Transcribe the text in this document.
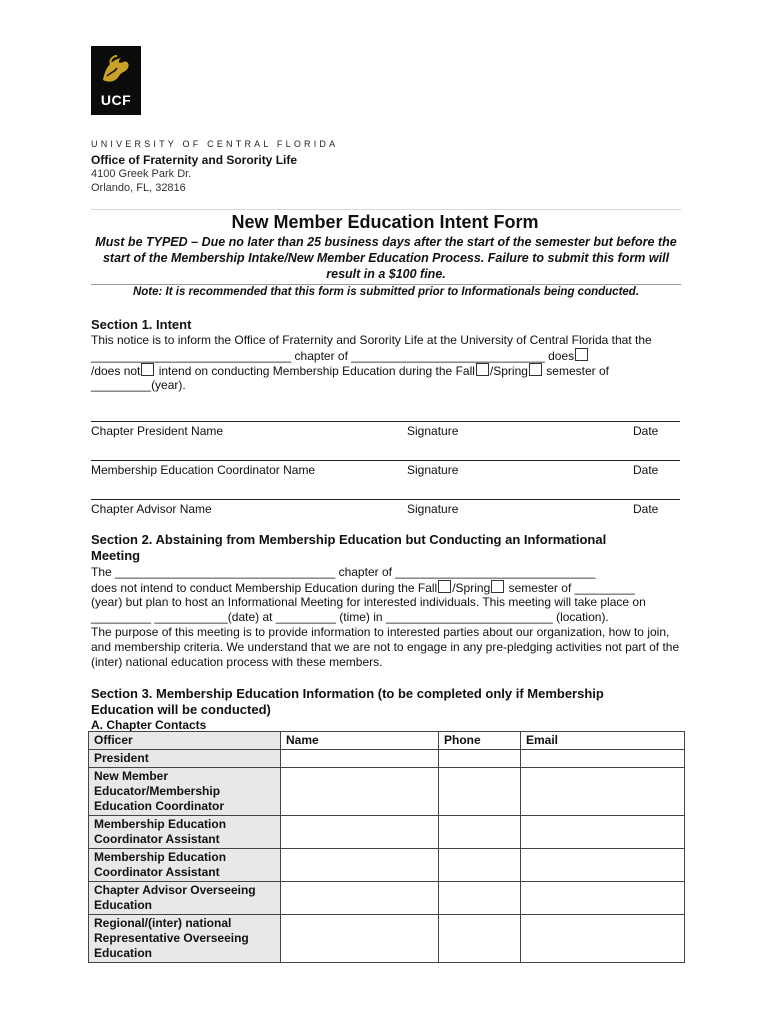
UCF
UNIVERSITY OF CENTRAL FLORIDA
Office of Fraternity and Sorority Life
4100 Greek Park Dr.
Orlando, FL, 32816
New Member Education Intent Form
Must be TYPED – Due no later than 25 business days after the start of the semester but before the start of the Membership Intake/New Member Education Process. Failure to submit this form will result in a $100 fine.
Note: It is recommended that this form is submitted prior to Informationals being conducted.
Section 1. Intent
This notice is to inform the Office of Fraternity and Sorority Life at the University of Central Florida that the
______________________________ chapter of _____________________________ does
/does not intend on conducting Membership Education during the Fall /Spring semester of
_________(year).
Chapter President Name	Signature	Date
Membership Education Coordinator Name	Signature	Date
Chapter Advisor Name	Signature	Date
Section 2. Abstaining from Membership Education but Conducting an Informational Meeting
The _________________________________ chapter of ______________________________
does not intend to conduct Membership Education during the Fall /Spring semester of _________
(year) but plan to host an Informational Meeting for interested individuals. This meeting will take place on
_________ ___________(date) at _________ (time) in _________________________ (location).
The purpose of this meeting is to provide information to interested parties about our organization, how to join, and membership criteria. We understand that we are not to engage in any pre-pledging activities not part of the (inter) national education process with these members.
Section 3. Membership Education Information (to be completed only if Membership Education will be conducted)
A. Chapter Contacts
Officer	Name	Phone	Email
President			
New Member Educator/Membership Education Coordinator			
Membership Education Coordinator Assistant			
Membership Education Coordinator Assistant			
Chapter Advisor Overseeing Education			
Regional/(inter) national Representative Overseeing Education			
